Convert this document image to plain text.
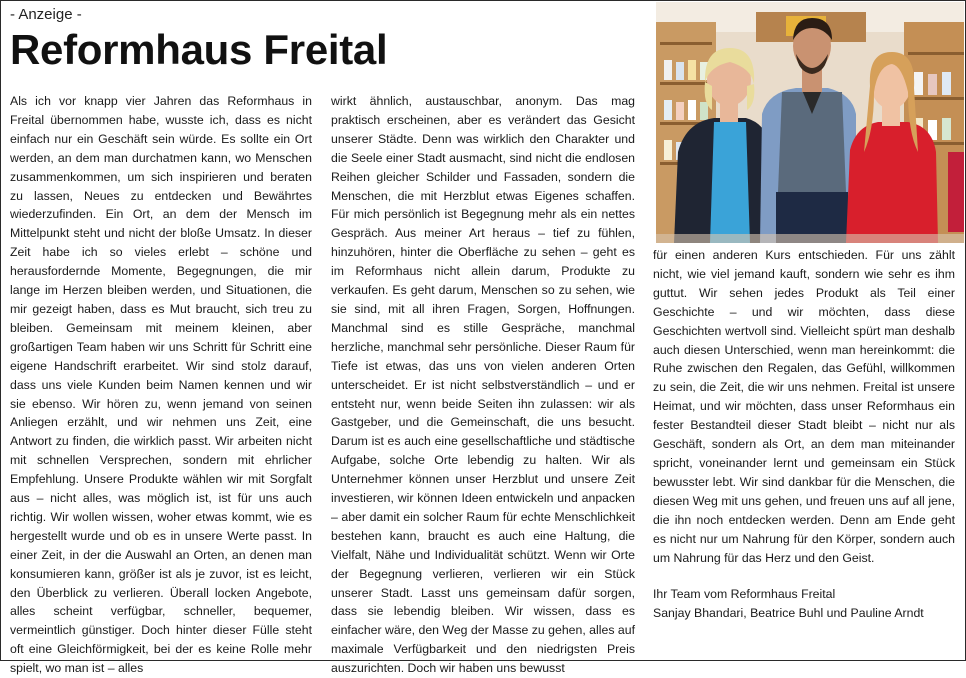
- Anzeige -
Reformhaus Freital

Als ich vor knapp vier Jahren das Reformhaus in Freital übernommen habe, wusste ich, dass es nicht einfach nur ein Geschäft sein würde. Es sollte ein Ort werden, an dem man durchatmen kann, wo Menschen zusammenkommen, um sich inspirieren und beraten zu lassen, Neues zu entdecken und Bewährtes wiederzufinden. Ein Ort, an dem der Mensch im Mittelpunkt steht und nicht der bloße Umsatz. In dieser Zeit habe ich so vieles erlebt – schöne und herausfordernde Momente, Begegnungen, die mir lange im Herzen bleiben werden, und Situationen, die mir gezeigt haben, dass es Mut braucht, sich treu zu bleiben. Gemeinsam mit meinem kleinen, aber großartigen Team haben wir uns Schritt für Schritt eine eigene Handschrift erarbeitet. Wir sind stolz darauf, dass uns viele Kunden beim Namen kennen und wir sie ebenso. Wir hören zu, wenn jemand von seinen Anliegen erzählt, und wir nehmen uns Zeit, eine Antwort zu finden, die wirklich passt. Wir arbeiten nicht mit schnellen Versprechen, sondern mit ehrlicher Empfehlung. Unsere Produkte wählen wir mit Sorgfalt aus – nicht alles, was möglich ist, ist für uns auch richtig. Wir wollen wissen, woher etwas kommt, wie es hergestellt wurde und ob es in unsere Werte passt. In einer Zeit, in der die Auswahl an Orten, an denen man konsumieren kann, größer ist als je zuvor, ist es leicht, den Überblick zu verlieren. Überall locken Angebote, alles scheint verfügbar, schneller, bequemer, vermeintlich günstiger. Doch hinter dieser Fülle steht oft eine Gleichförmigkeit, bei der es keine Rolle mehr spielt, wo man ist – alles

wirkt ähnlich, austauschbar, anonym. Das mag praktisch erscheinen, aber es verändert das Gesicht unserer Städte. Denn was wirklich den Charakter und die Seele einer Stadt ausmacht, sind nicht die endlosen Reihen gleicher Schilder und Fassaden, sondern die Menschen, die mit Herzblut etwas Eigenes schaffen. Für mich persönlich ist Begegnung mehr als ein nettes Gespräch. Aus meiner Art heraus – tief zu fühlen, hinzuhören, hinter die Oberfläche zu sehen – geht es im Reformhaus nicht allein darum, Produkte zu verkaufen. Es geht darum, Menschen so zu sehen, wie sie sind, mit all ihren Fragen, Sorgen, Hoffnungen. Manchmal sind es stille Gespräche, manchmal herzliche, manchmal sehr persönliche. Dieser Raum für Tiefe ist etwas, das uns von vielen anderen Orten unterscheidet. Er ist nicht selbstverständlich – und er entsteht nur, wenn beide Seiten ihn zulassen: wir als Gastgeber, und die Gemeinschaft, die uns besucht. Darum ist es auch eine gesellschaftliche und städtische Aufgabe, solche Orte lebendig zu halten. Wir als Unternehmer können unser Herzblut und unsere Zeit investieren, wir können Ideen entwickeln und anpacken – aber damit ein solcher Raum für echte Menschlichkeit bestehen kann, braucht es auch eine Haltung, die Vielfalt, Nähe und Individualität schützt. Wenn wir Orte der Begegnung verlieren, verlieren wir ein Stück unserer Stadt. Lasst uns gemeinsam dafür sorgen, dass sie lebendig bleiben. Wir wissen, dass es einfacher wäre, den Weg der Masse zu gehen, alles auf maximale Verfügbarkeit und den niedrigsten Preis auszurichten. Doch wir haben uns bewusst

für einen anderen Kurs entschieden. Für uns zählt nicht, wie viel jemand kauft, sondern wie sehr es ihm guttut. Wir sehen jedes Produkt als Teil einer Geschichte – und wir möchten, dass diese Geschichten wertvoll sind. Vielleicht spürt man deshalb auch diesen Unterschied, wenn man hereinkommt: die Ruhe zwischen den Regalen, das Gefühl, willkommen zu sein, die Zeit, die wir uns nehmen. Freital ist unsere Heimat, und wir möchten, dass unser Reformhaus ein fester Bestandteil dieser Stadt bleibt – nicht nur als Geschäft, sondern als Ort, an dem man miteinander spricht, voneinander lernt und gemeinsam ein Stück bewusster lebt. Wir sind dankbar für die Menschen, die diesen Weg mit uns gehen, und freuen uns auf all jene, die ihn noch entdecken werden. Denn am Ende geht es nicht nur um Nahrung für den Körper, sondern auch um Nahrung für das Herz und den Geist.

Ihr Team vom Reformhaus Freital
Sanjay Bhandari, Beatrice Buhl und Pauline Arndt
